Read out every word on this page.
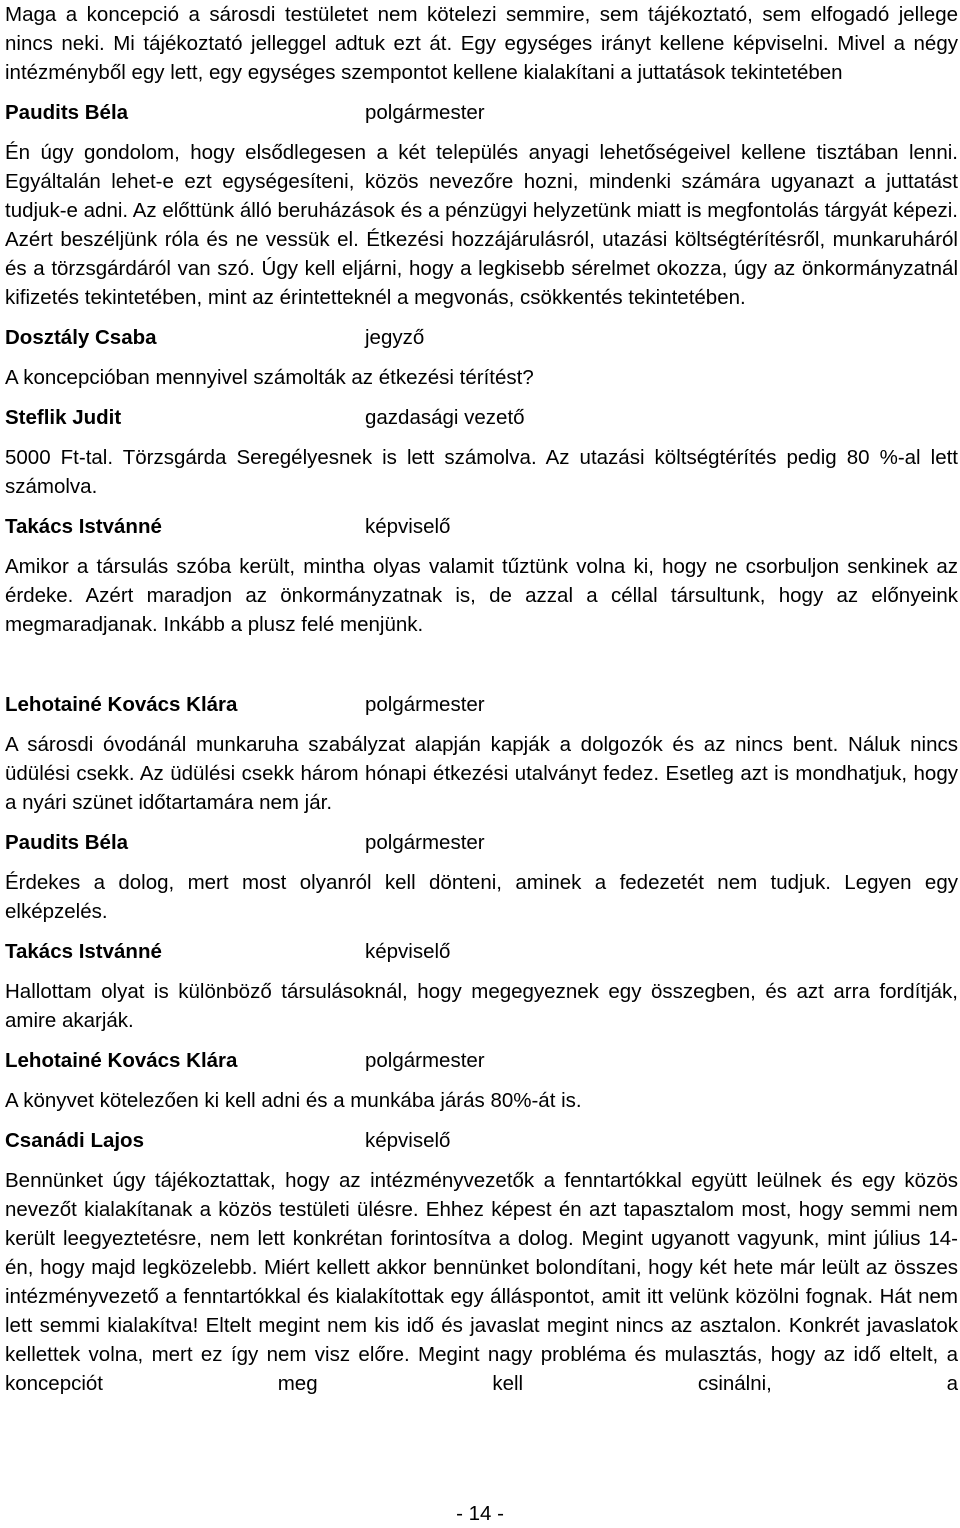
Maga a koncepció a sárosdi testületet nem kötelezi semmire, sem tájékoztató, sem elfogadó jellege nincs neki. Mi tájékoztató jelleggel adtuk ezt át. Egy egységes irányt kellene képviselni. Mivel a négy intézményből egy lett, egy egységes szempontot kellene kialakítani a juttatások tekintetében

Paudits Béla	polgármester

Én úgy gondolom, hogy elsődlegesen a két település anyagi lehetőségeivel kellene tisztában lenni. Egyáltalán lehet-e ezt egységesíteni, közös nevezőre hozni, mindenki számára ugyanazt a juttatást tudjuk-e adni. Az előttünk álló beruházások és a pénzügyi helyzetünk miatt is megfontolás tárgyát képezi. Azért beszéljünk róla és ne vessük el. Étkezési hozzájárulásról, utazási költségtérítésről, munkaruháról és a törzsgárdáról van szó. Úgy kell eljárni, hogy a legkisebb sérelmet okozza, úgy az önkormányzatnál kifizetés tekintetében, mint az érintetteknél a megvonás, csökkentés tekintetében.

Dosztály Csaba	jegyző

A koncepcióban mennyivel számolták az étkezési térítést?

Steflik Judit	gazdasági vezető

5000 Ft-tal. Törzsgárda Seregélyesnek is lett számolva. Az utazási költségtérítés pedig 80 %-al lett számolva.

Takács Istvánné	képviselő

Amikor a társulás szóba került, mintha olyas valamit tűztünk volna ki, hogy ne csorbuljon senkinek az érdeke. Azért maradjon az önkormányzatnak is, de azzal a céllal társultunk, hogy az előnyeink megmaradjanak. Inkább a plusz felé menjünk.

Lehotainé Kovács Klára	polgármester

A sárosdi óvodánál munkaruha szabályzat alapján kapják a dolgozók és az nincs bent. Náluk nincs üdülési csekk. Az üdülési csekk három hónapi étkezési utalványt fedez. Esetleg azt is mondhatjuk, hogy a nyári szünet időtartamára nem jár.

Paudits Béla	polgármester

Érdekes a dolog, mert most olyanról kell dönteni, aminek a fedezetét nem tudjuk. Legyen egy elképzelés.

Takács Istvánné	képviselő

Hallottam olyat is különböző társulásoknál, hogy megegyeznek egy összegben, és azt arra fordítják, amire akarják.

Lehotainé Kovács Klára	polgármester

A könyvet kötelezően ki kell adni és a munkába járás 80%-át is.

Csanádi Lajos	képviselő

Bennünket úgy tájékoztattak, hogy az intézményvezetők a fenntartókkal együtt leülnek és egy közös nevezőt kialakítanak a közös testületi ülésre. Ehhez képest én azt tapasztalom most, hogy semmi nem került leegyeztetésre, nem lett konkrétan forintosítva a dolog. Megint ugyanott vagyunk, mint július 14-én, hogy majd legközelebb. Miért kellett akkor bennünket bolondítani, hogy két hete már leült az összes intézményvezető a fenntartókkal és kialakítottak egy álláspontot, amit itt velünk közölni fognak. Hát nem lett semmi kialakítva! Eltelt megint nem kis idő és javaslat megint nincs az asztalon. Konkrét javaslatok kellettek volna, mert ez így nem visz előre. Megint nagy probléma és mulasztás, hogy az idő eltelt, a koncepciót meg kell csinálni, a

- 14 -
